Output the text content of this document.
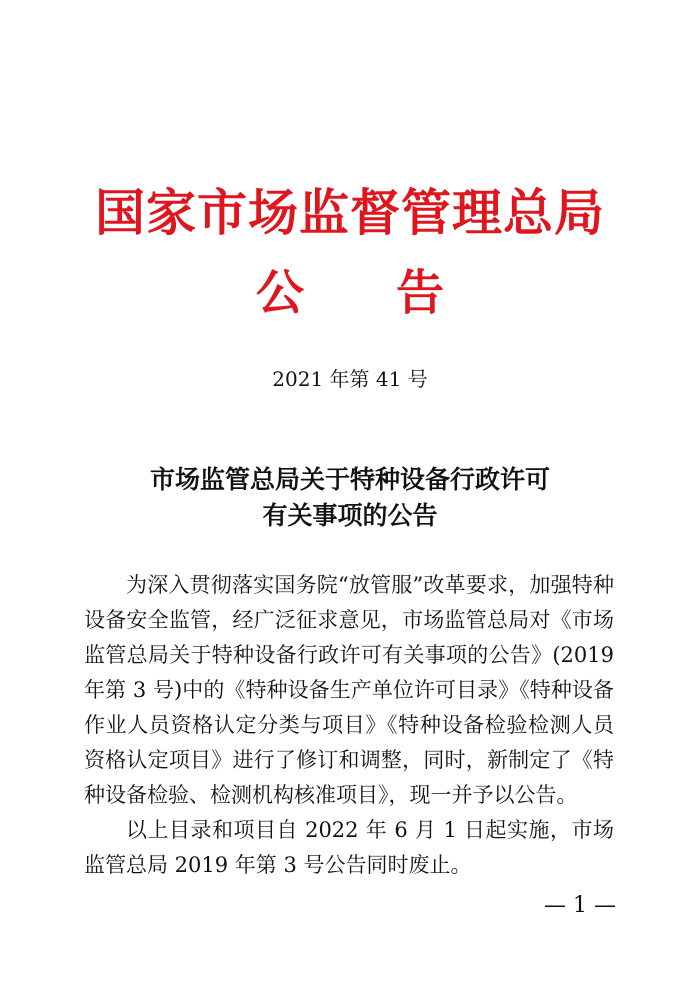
国家市场监督管理总局
公 告
2021 年第 41 号
市场监管总局关于特种设备行政许可
有关事项的公告

为深入贯彻落实国务院“放管服”改革要求，加强特种设备安全监管，经广泛征求意见，市场监管总局对《市场监管总局关于特种设备行政许可有关事项的公告》(2019 年第 3 号)中的《特种设备生产单位许可目录》《特种设备作业人员资格认定分类与项目》《特种设备检验检测人员资格认定项目》进行了修订和调整，同时，新制定了《特种设备检验、检测机构核准项目》，现一并予以公告。

以上目录和项目自 2022 年 6 月 1 日起实施，市场监管总局 2019 年第 3 号公告同时废止。

— 1 —
